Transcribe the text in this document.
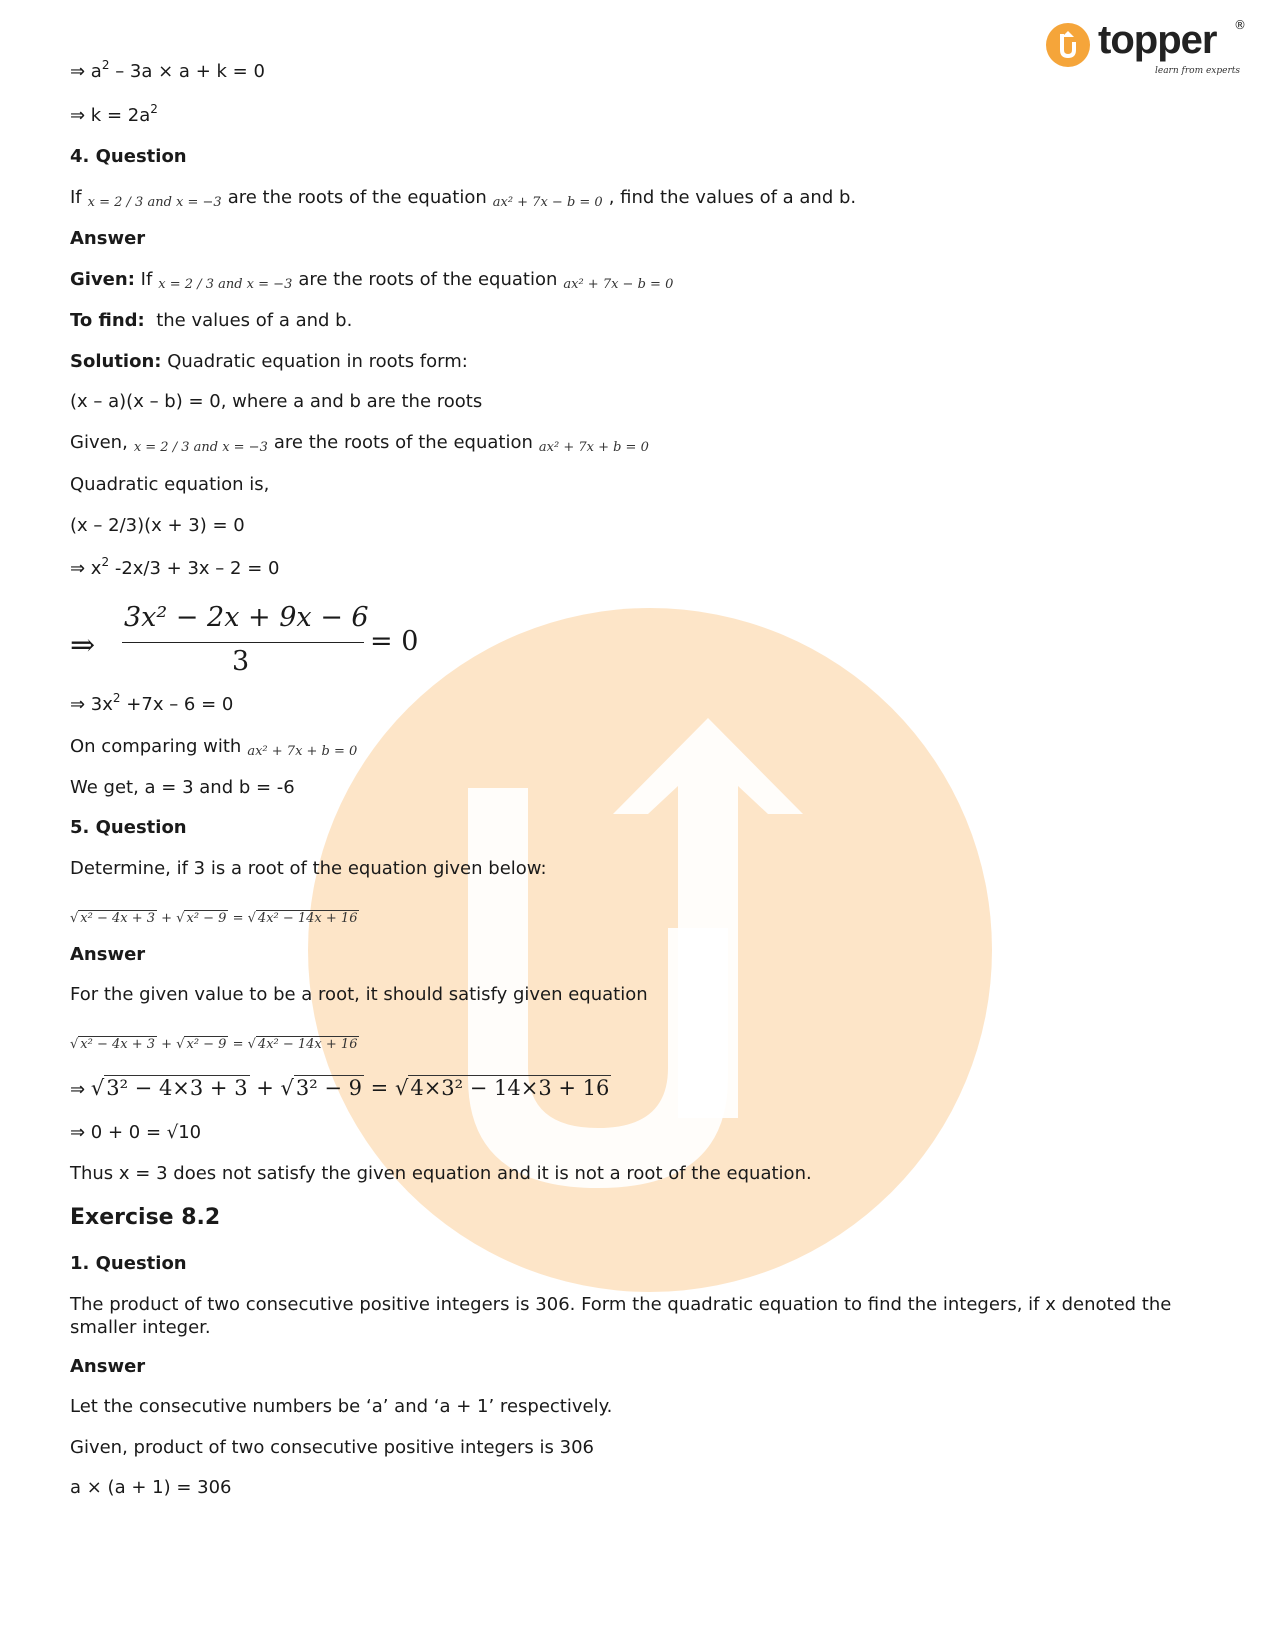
topper ®
learn from experts
⇒ $a^2 - 3a \times a + k = 0$
⇒ $k = 2a^2$
4. Question
If x = 2 / 3 and x = −3 are the roots of the equation ax² + 7x − b = 0 , find the values of a and b.
Answer
Given: If x = 2 / 3 and x = −3 are the roots of the equation ax² + 7x − b = 0
To find: the values of a and b.
Solution: Quadratic equation in roots form:
(x – a)(x – b) = 0, where a and b are the roots
Given, x = 2 / 3 and x = −3 are the roots of the equation ax² + 7x + b = 0
Quadratic equation is,
(x – 2/3)(x + 3) = 0
⇒ $x^2$ -2x/3 + 3x – 2 = 0
⇒
3x² − 2x + 9x − 6
3
= 0
⇒ $3x^2 +7x - 6 = 0$
On comparing with ax² + 7x + b = 0
We get, a = 3 and b = -6
5. Question
Determine, if 3 is a root of the equation given below:
√ x² − 4x + 3 + √ x² − 9 = √ 4x² − 14x + 16
Answer
For the given value to be a root, it should satisfy given equation
√ x² − 4x + 3 + √ x² − 9 = √ 4x² − 14x + 16
⇒ √3² − 4×3 + 3 + √3² − 9 = √4×3² − 14×3 + 16
⇒ 0 + 0 = √10
Thus x = 3 does not satisfy the given equation and it is not a root of the equation.
Exercise 8.2
1. Question
The product of two consecutive positive integers is 306. Form the quadratic equation to find the integers, if x denoted the smaller integer.
Answer
Let the consecutive numbers be ‘a’ and ‘a + 1’ respectively.
Given, product of two consecutive positive integers is 306
a × (a + 1) = 306
